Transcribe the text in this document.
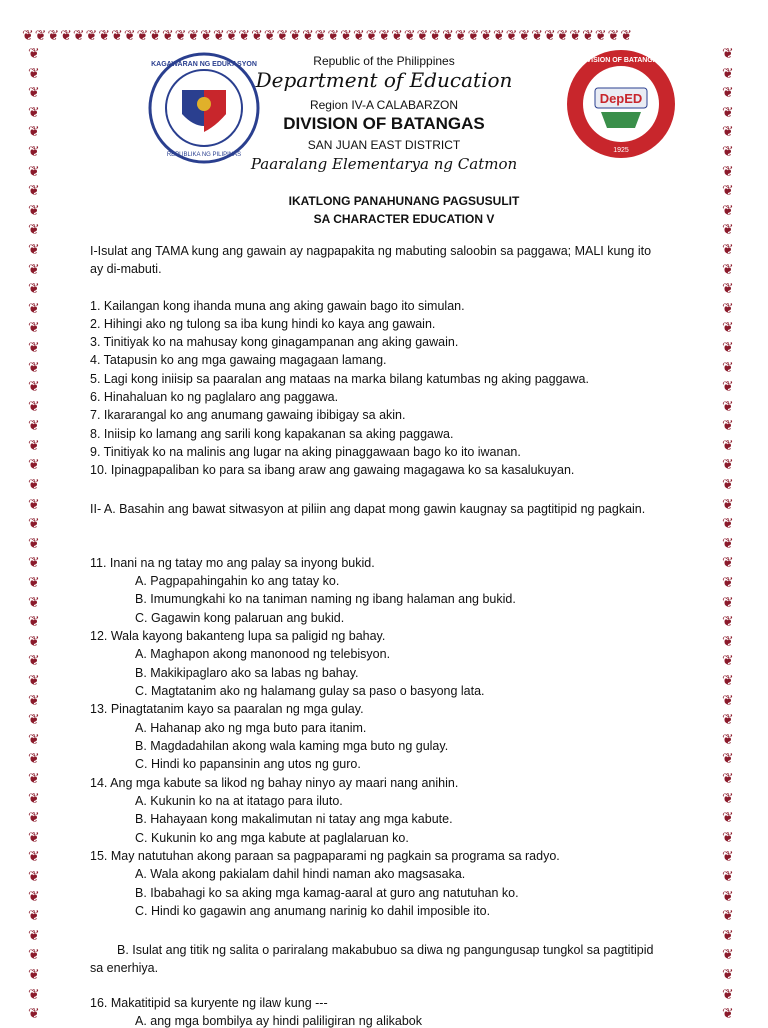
❦❦❦❦❦❦❦❦❦❦❦❦❦❦❦❦❦❦❦❦❦❦❦❦❦❦❦❦❦❦❦❦❦❦❦❦❦❦❦❦❦❦❦❦❦❦❦❦
❦
❦
❦
❦
❦
❦
❦
❦
❦
❦
❦
❦
❦
❦
❦
❦
❦
❦
❦
❦
❦
❦
❦
❦
❦
❦
❦
❦
❦
❦
❦
❦
❦
❦
❦
❦
❦
❦
❦
❦
❦
❦
❦
❦
❦
❦
❦
❦
❦
❦
❦
❦
❦
❦
❦
❦
❦
❦
❦
❦
❦
❦
❦
❦
❦
❦
❦
❦
❦
❦
❦
❦
❦
❦
❦
❦
❦
❦
❦
❦
❦
❦
❦
❦
❦
❦
❦
❦
❦
❦
❦
❦
❦
❦
❦
❦
❦
❦
❦
❦
KAGAWARAN NG EDUKASYON
REPUBLIKA NG PILIPINAS
DepED
DIVISION OF BATANGAS
1925
Republic of the Philippines
Department of Education
Region IV-A CALABARZON
DIVISION OF BATANGAS
SAN JUAN EAST DISTRICT
Paaralang Elementarya ng Catmon
IKATLONG PANAHUNANG PAGSUSULIT
SA CHARACTER EDUCATION V
I-Isulat ang TAMA kung ang gawain ay nagpapakita ng mabuting saloobin sa paggawa; MALI kung ito ay di-mabuti.
1. Kailangan kong ihanda muna ang aking gawain bago ito simulan.
2. Hihingi ako ng tulong sa iba kung hindi ko kaya ang gawain.
3. Tinitiyak ko na mahusay kong ginagampanan ang aking gawain.
4. Tatapusin ko ang mga gawaing magagaan lamang.
5. Lagi kong iniisip sa paaralan ang mataas na marka bilang katumbas ng aking paggawa.
6. Hinahaluan ko ng paglalaro ang paggawa.
7. Ikararangal ko ang anumang gawaing ibibigay sa akin.
8. Iniisip ko lamang ang sarili kong kapakanan sa aking paggawa.
9. Tinitiyak ko na malinis ang lugar na aking pinaggawaan bago ko ito iwanan.
10. Ipinagpapaliban ko para sa ibang araw ang gawaing magagawa ko sa kasalukuyan.
II- A. Basahin ang bawat sitwasyon at piliin ang dapat mong gawin kaugnay sa pagtitipid ng pagkain.
11. Inani na ng tatay mo ang palay sa inyong bukid.
A. Pagpapahingahin ko ang tatay ko.
B. Imumungkahi ko na taniman naming ng ibang halaman ang bukid.
C. Gagawin kong palaruan ang bukid.
12. Wala kayong bakanteng lupa sa paligid ng bahay.
A. Maghapon akong manonood ng telebisyon.
B. Makikipaglaro ako sa labas ng bahay.
C. Magtatanim ako ng halamang gulay sa paso o basyong lata.
13. Pinagtatanim kayo sa paaralan ng mga gulay.
A. Hahanap ako ng mga buto para itanim.
B. Magdadahilan akong wala kaming mga buto ng gulay.
C. Hindi ko papansinin ang utos ng guro.
14. Ang mga kabute sa likod ng bahay ninyo ay maari nang anihin.
A. Kukunin ko na at itatago para iluto.
B. Hahayaan kong makalimutan ni tatay ang mga kabute.
C. Kukunin ko ang mga kabute at paglalaruan ko.
15. May natutuhan akong paraan sa pagpaparami ng pagkain sa programa sa radyo.
A. Wala akong pakialam dahil hindi naman ako magsasaka.
B. Ibabahagi ko sa aking mga kamag-aaral at guro ang natutuhan ko.
C. Hindi ko gagawin ang anumang narinig ko dahil imposible ito.
B. Isulat ang titik ng salita o pariralang makabubuo sa diwa ng pangungusap tungkol sa pagtitipid sa enerhiya.
16. Makatitipid sa kuryente ng ilaw kung ---
A. ang mga bombilya ay hindi paliligiran ng alikabok
